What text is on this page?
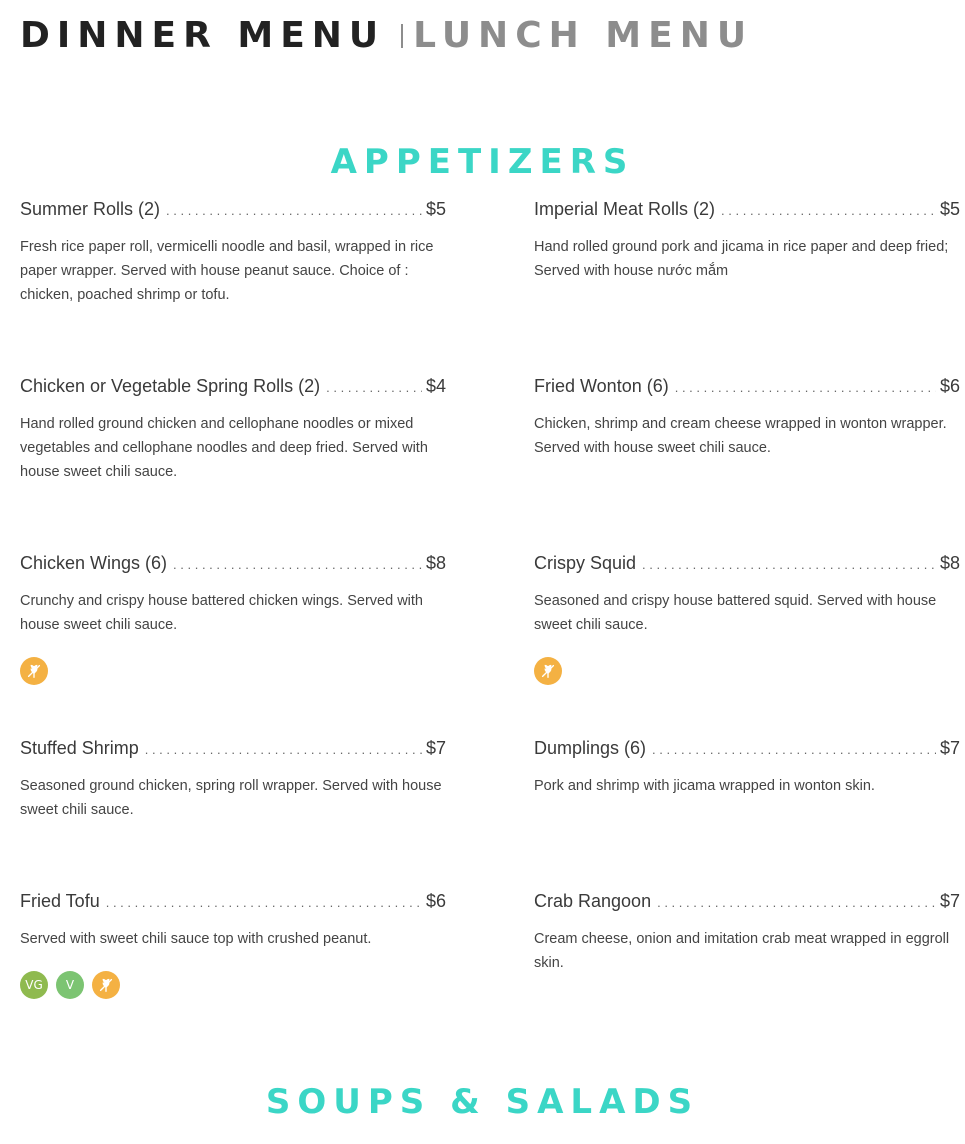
DINNER MENU LUNCH MENU
APPETIZERS
Summer Rolls (2) . . .	$5
Fresh rice paper roll, vermicelli noodle and basil, wrapped in rice paper wrapper. Served with house peanut sauce. Choice of : chicken, poached shrimp or tofu.
Imperial Meat Rolls (2) . . .	$5
Hand rolled ground pork and jicama in rice paper and deep fried; Served with house nước mắm
Chicken or Vegetable Spring Rolls (2) . . .	$4
Hand rolled ground chicken and cellophane noodles or mixed vegetables and cellophane noodles and deep fried. Served with house sweet chili sauce.
Fried Wonton (6) . . .	$6
Chicken, shrimp and cream cheese wrapped in wonton wrapper. Served with house sweet chili sauce.
Chicken Wings (6) . . .	$8
Crunchy and crispy house battered chicken wings. Served with house sweet chili sauce.
Crispy Squid . . .	$8
Seasoned and crispy house battered squid. Served with house sweet chili sauce.
Stuffed Shrimp . . .	$7
Seasoned ground chicken, spring roll wrapper. Served with house sweet chili sauce.
Dumplings (6) . . .	$7
Pork and shrimp with jicama wrapped in wonton skin.
Fried Tofu . . .	$6
Served with sweet chili sauce top with crushed peanut.
VG	V
Crab Rangoon . . .	$7
Cream cheese, onion and imitation crab meat wrapped in eggroll skin.
SOUPS & SALADS
